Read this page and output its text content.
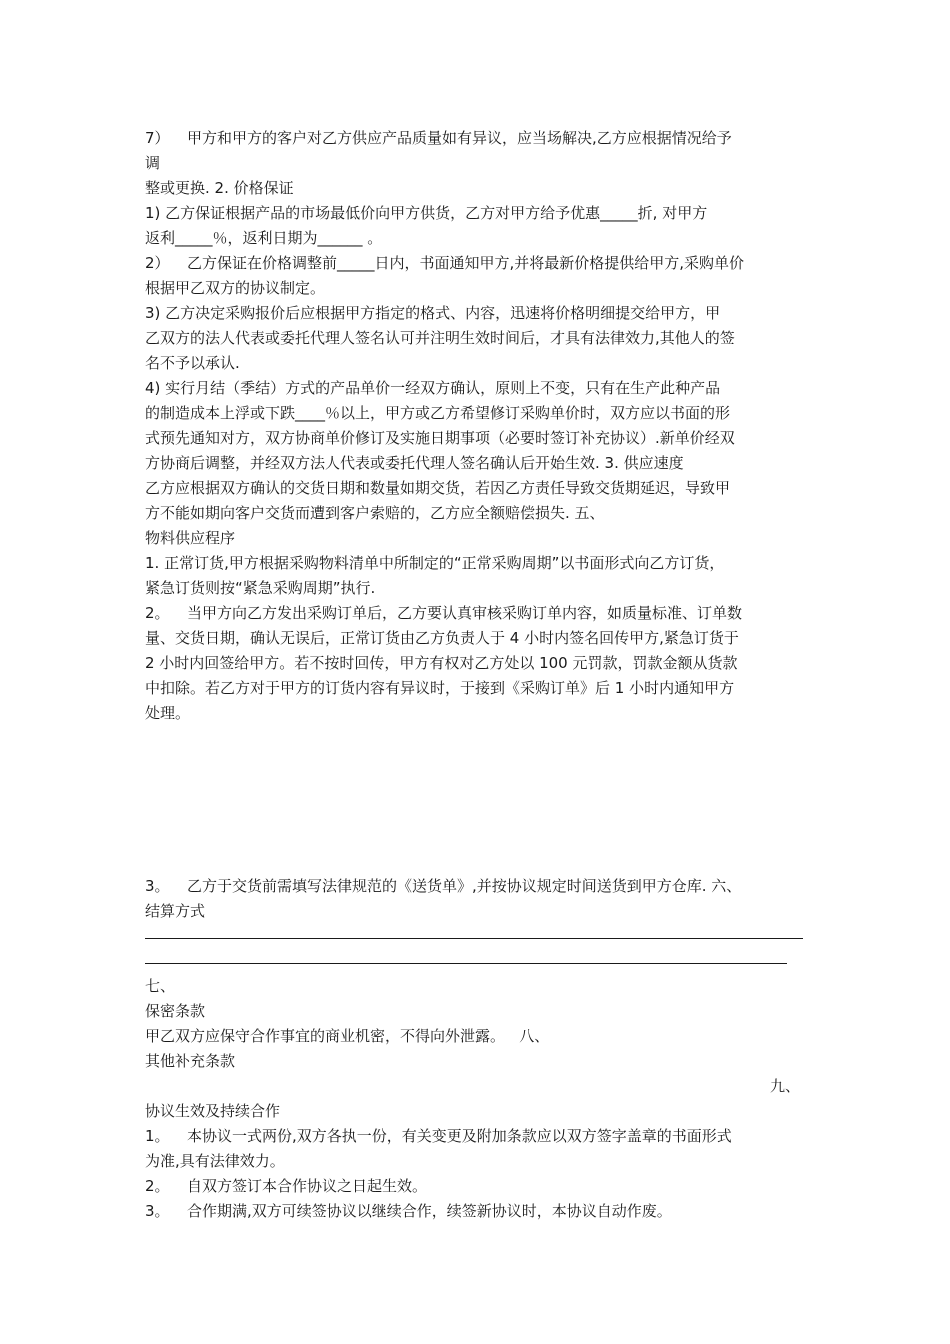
7） 甲方和甲方的客户对乙方供应产品质量如有异议，应当场解决,乙方应根据情况给予
调
整或更换. 2. 价格保证
1) 乙方保证根据产品的市场最低价向甲方供货，乙方对甲方给予优惠_____折, 对甲方
返利_____％，返利日期为______ 。
2） 乙方保证在价格调整前_____日内，书面通知甲方,并将最新价格提供给甲方,采购单价
根据甲乙双方的协议制定。
3) 乙方决定采购报价后应根据甲方指定的格式、内容，迅速将价格明细提交给甲方，甲
乙双方的法人代表或委托代理人签名认可并注明生效时间后，才具有法律效力,其他人的签
名不予以承认.
4) 实行月结（季结）方式的产品单价一经双方确认，原则上不变，只有在生产此种产品
的制造成本上浮或下跌____％以上，甲方或乙方希望修订采购单价时，双方应以书面的形
式预先通知对方，双方协商单价修订及实施日期事项（必要时签订补充协议）.新单价经双
方协商后调整，并经双方法人代表或委托代理人签名确认后开始生效. 3. 供应速度
乙方应根据双方确认的交货日期和数量如期交货，若因乙方责任导致交货期延迟，导致甲
方不能如期向客户交货而遭到客户索赔的，乙方应全额赔偿损失. 五、
物料供应程序
1. 正常订货,甲方根据采购物料清单中所制定的“正常采购周期”以书面形式向乙方订货，
紧急订货则按“紧急采购周期”执行.
2。 当甲方向乙方发出采购订单后，乙方要认真审核采购订单内容，如质量标准、订单数
量、交货日期，确认无误后，正常订货由乙方负责人于 4 小时内签名回传甲方,紧急订货于
2 小时内回签给甲方。若不按时回传，甲方有权对乙方处以 100 元罚款，罚款金额从货款
中扣除。若乙方对于甲方的订货内容有异议时，于接到《采购订单》后 1 小时内通知甲方
处理。
3。 乙方于交货前需填写法律规范的《送货单》,并按协议规定时间送货到甲方仓库. 六、
结算方式
七、
保密条款
甲乙双方应保守合作事宜的商业机密，不得向外泄露。   八、
其他补充条款
九、
协议生效及持续合作
1。 本协议一式两份,双方各执一份，有关变更及附加条款应以双方签字盖章的书面形式
为准,具有法律效力。
2。 自双方签订本合作协议之日起生效。
3。 合作期满,双方可续签协议以继续合作，续签新协议时，本协议自动作废。
